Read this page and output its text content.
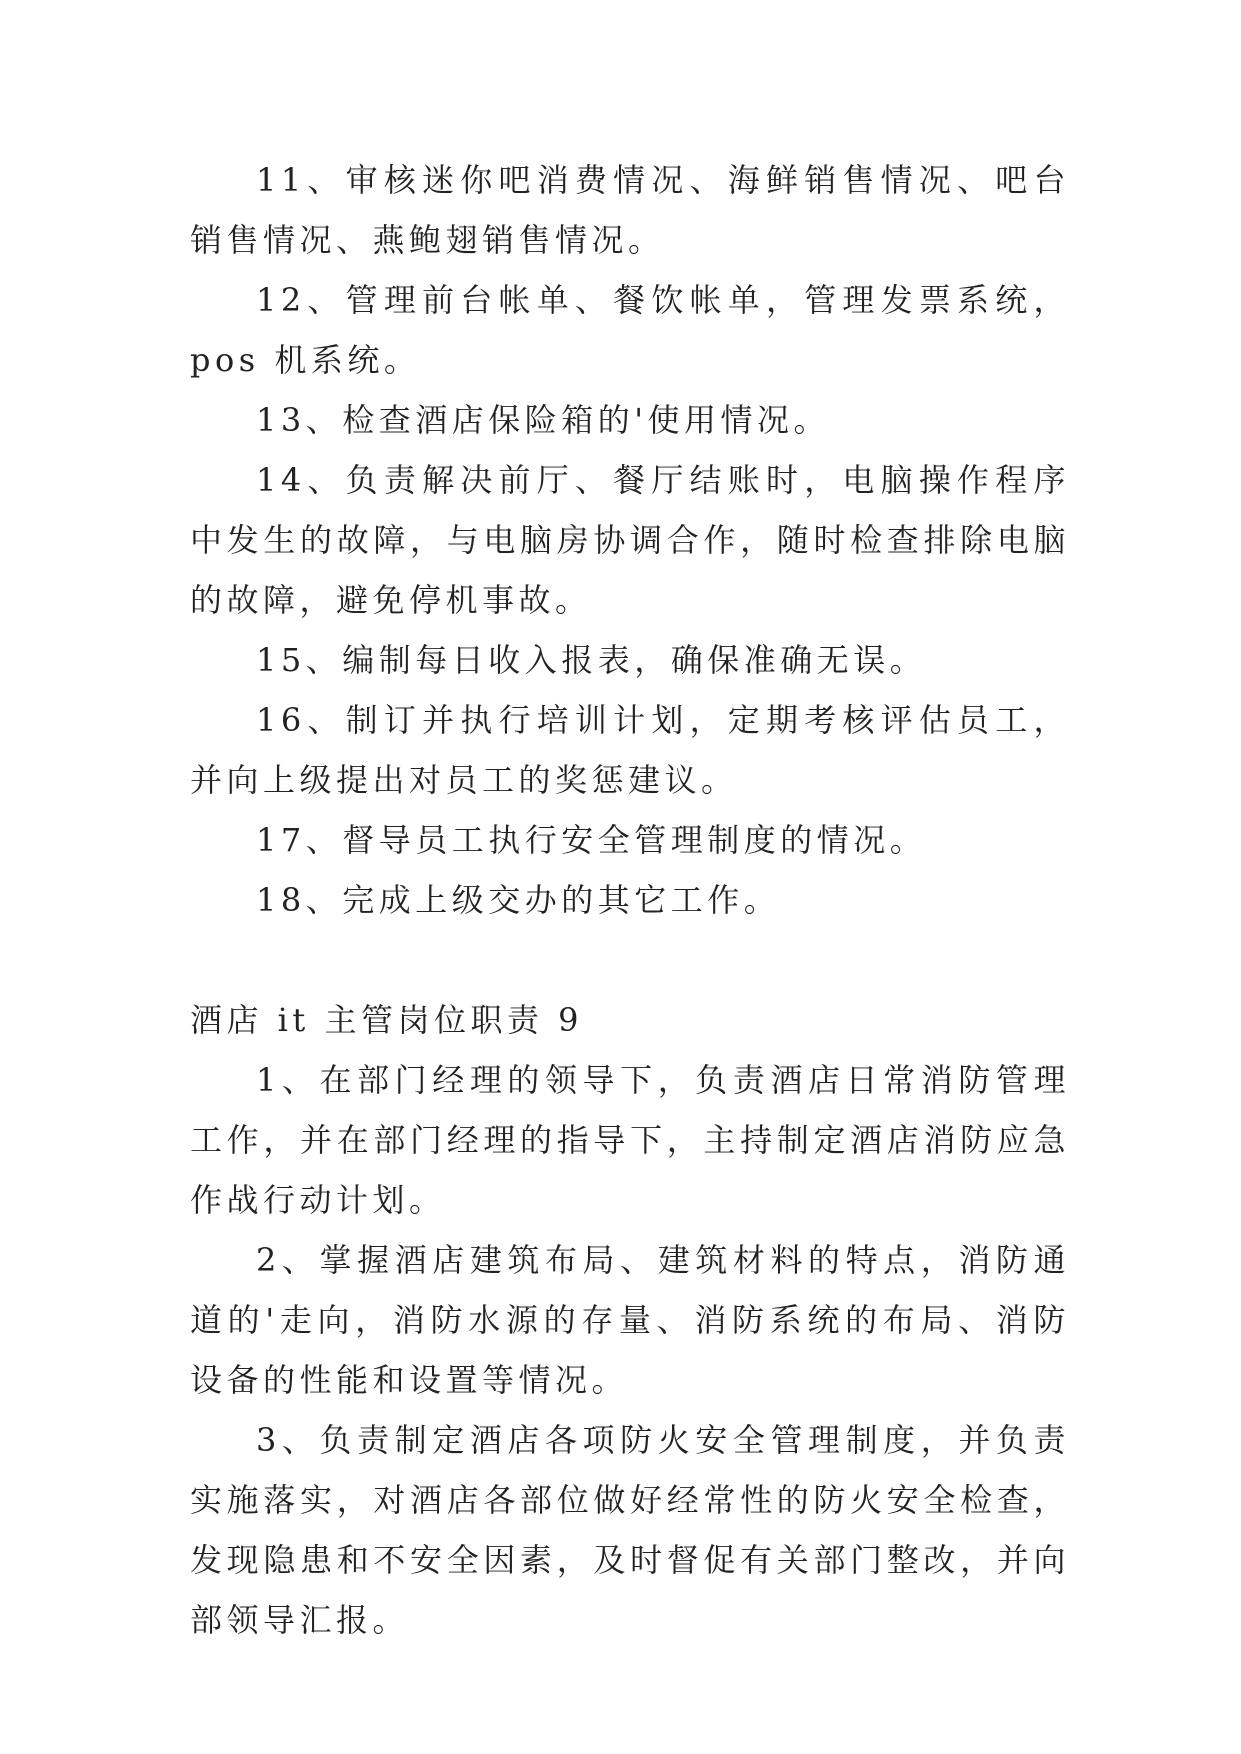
11、审核迷你吧消费情况、海鲜销售情况、吧台销售情况、燕鲍翅销售情况。

12、管理前台帐单、餐饮帐单，管理发票系统，pos 机系统。

13、检查酒店保险箱的'使用情况。

14、负责解决前厅、餐厅结账时，电脑操作程序中发生的故障，与电脑房协调合作，随时检查排除电脑的故障，避免停机事故。

15、编制每日收入报表，确保准确无误。

16、制订并执行培训计划，定期考核评估员工，并向上级提出对员工的奖惩建议。

17、督导员工执行安全管理制度的情况。

18、完成上级交办的其它工作。

酒店 it 主管岗位职责 9

1、在部门经理的领导下，负责酒店日常消防管理工作，并在部门经理的指导下，主持制定酒店消防应急作战行动计划。

2、掌握酒店建筑布局、建筑材料的特点，消防通道的'走向，消防水源的存量、消防系统的布局、消防设备的性能和设置等情况。

3、负责制定酒店各项防火安全管理制度，并负责实施落实，对酒店各部位做好经常性的防火安全检查，发现隐患和不安全因素，及时督促有关部门整改，并向部领导汇报。
